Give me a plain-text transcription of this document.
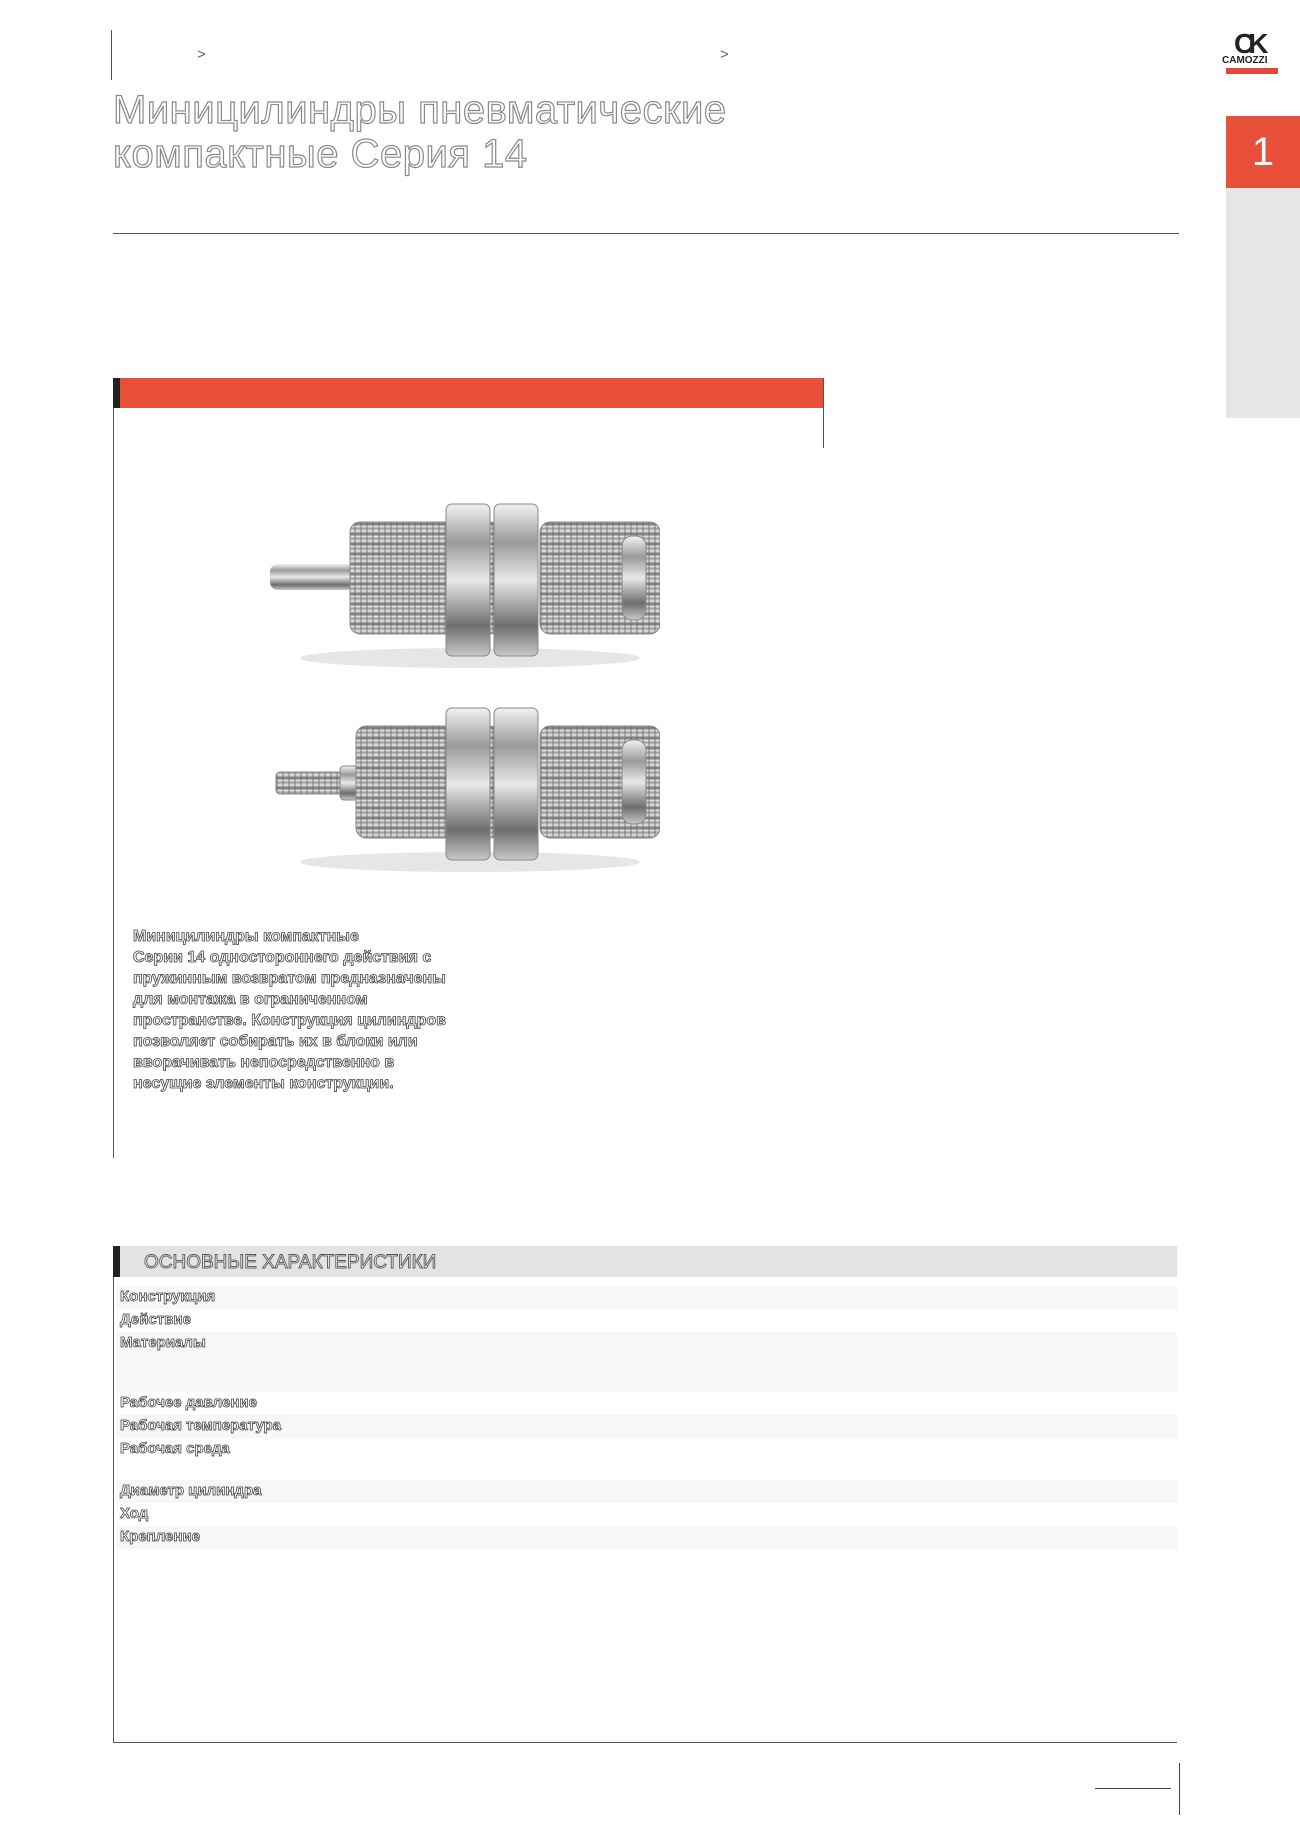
>	>	CK
CAMOZZI
1
Миницилиндры пневматические
компактные Серия 14
Миницилиндры компактные
Серии 14 одностороннего действия с
пружинным возвратом предназначены
для монтажа в ограниченном
пространстве. Конструкция цилиндров
позволяет собирать их в блоки или
вворачивать непосредственно в
несущие элементы конструкции.
ОСНОВНЫЕ ХАРАКТЕРИСТИКИ
Конструкция
Действие
Материалы
Рабочее давление
Рабочая температура
Рабочая среда
Диаметр цилиндра
Ход
Крепление
